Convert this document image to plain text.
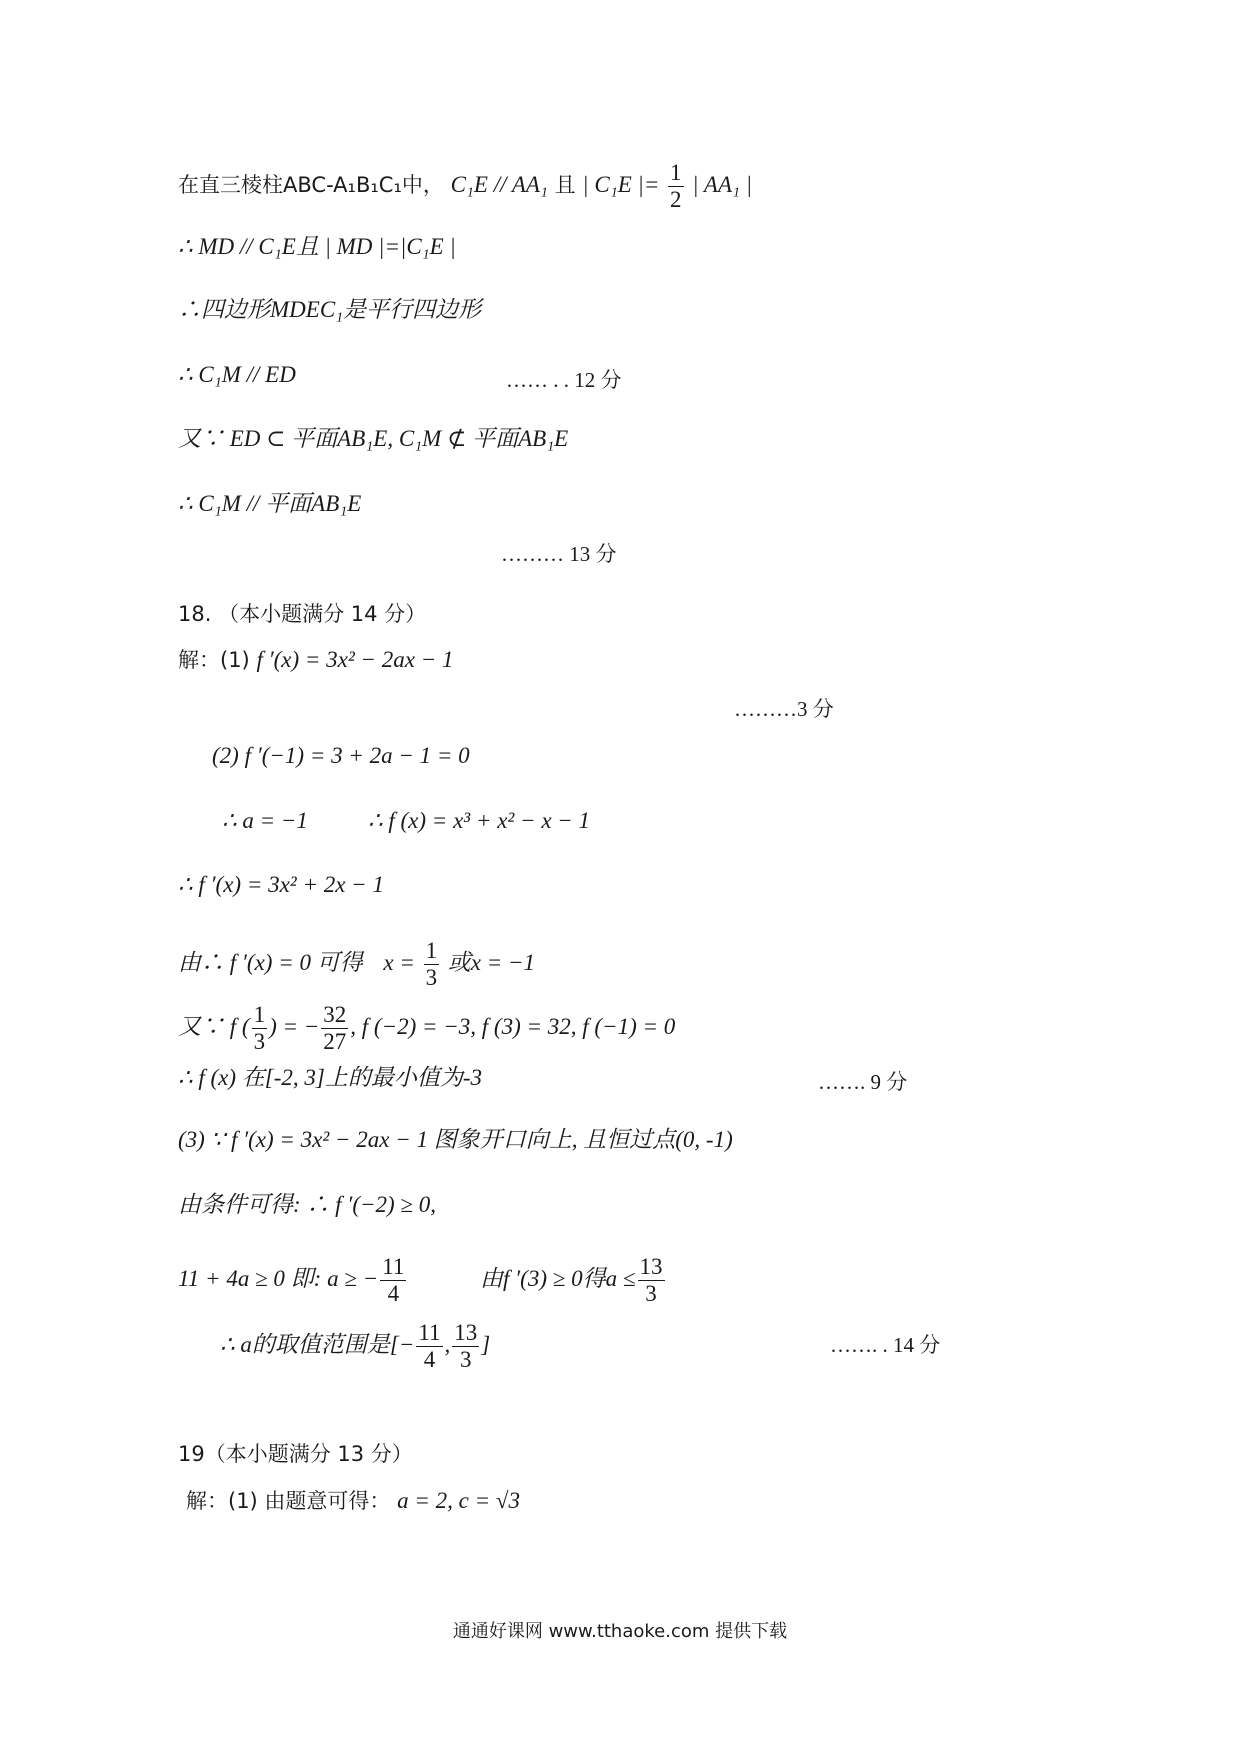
在直三棱柱ABC-A₁B₁C₁中， C₁E // AA₁ 且 | C₁E |= $\frac{1}{2}$ | AA₁ |
∴ MD // C₁E且 | MD |=|C₁E |
∴四边形MDEC₁是平行四边形
∴ C₁M // ED	…… . . 12 分
又∵ ED ⊂ 平面AB₁E, C₁M ⊄ 平面AB₁E
∴ C₁M // 平面AB₁E
……… 13 分
18. （本小题满分 14 分）
解：(1) f ′(x) = 3x² − 2ax − 1
………3 分
(2) f ′(−1) = 3 + 2a − 1 = 0
∴ a = −1	∴ f (x) = x³ + x² − x − 1
∴ f ′(x) = 3x² + 2x − 1
由∴ f ′(x) = 0 可得 $x = \frac{1}{3}$ 或x = −1
又∵ f ( $\frac{1}{3}$ ) = − $\frac{32}{27}$ , f (−2) = −3, f (3) = 32, f (−1) = 0
∴ f (x) 在[-2, 3]上的最小值为-3	……. 9 分
(3) ∵ f ′(x) = 3x² − 2ax − 1 图象开口向上, 且恒过点(0, -1)
由条件可得: ∴ f ′(−2) ≥ 0,
11 + 4a ≥ 0 即: a ≥ − $\frac{11}{4}$	由f ′(3) ≥ 0得$a \le \frac{13}{3}$
∴ a的取值范围是[− $\frac{11}{4}$ , $\frac{13}{3}$ ]	……. . 14 分
19（本小题满分 13 分）
解：(1) 由题意可得： a = 2, c = √3
通通好课网 www.tthaoke.com 提供下载
